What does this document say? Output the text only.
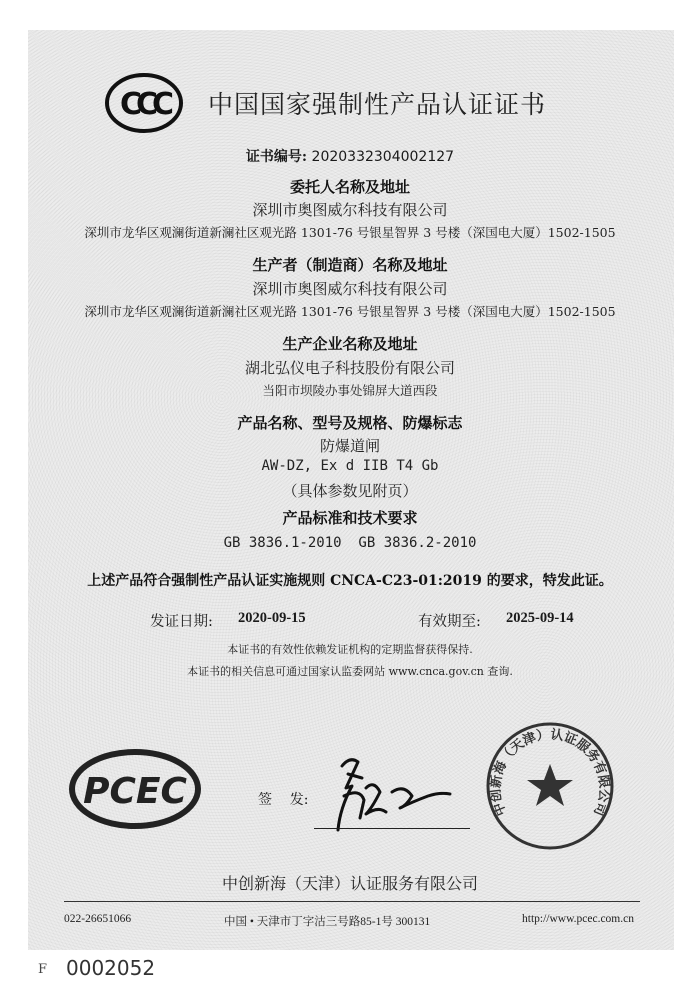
CCC 中国国家强制性产品认证证书
证书编号: 2020332304002127
委托人名称及地址
深圳市奥图威尔科技有限公司
深圳市龙华区观澜街道新澜社区观光路 1301-76 号银星智界 3 号楼（深国电大厦）1502-1505
生产者（制造商）名称及地址
深圳市奥图威尔科技有限公司
深圳市龙华区观澜街道新澜社区观光路 1301-76 号银星智界 3 号楼（深国电大厦）1502-1505
生产企业名称及地址
湖北弘仪电子科技股份有限公司
当阳市坝陵办事处锦屏大道西段
产品名称、型号及规格、防爆标志
防爆道闸
AW-DZ, Ex d IIB T4 Gb
（具体参数见附页）
产品标准和技术要求
GB 3836.1-2010  GB 3836.2-2010
上述产品符合强制性产品认证实施规则 CNCA-C23-01:2019 的要求，特发此证。
发证日期: 2020-09-15	有效期至: 2025-09-14
本证书的有效性依赖发证机构的定期监督获得保持.
本证书的相关信息可通过国家认监委网站 www.cnca.gov.cn 查询.
PCEC	签    发:
中创新海（天津）认证服务有限公司
中创新海（天津）认证服务有限公司
022-26651066	中国 • 天津市丁字沽三号路85-1号 300131	http://www.pcec.com.cn
F 0002052
